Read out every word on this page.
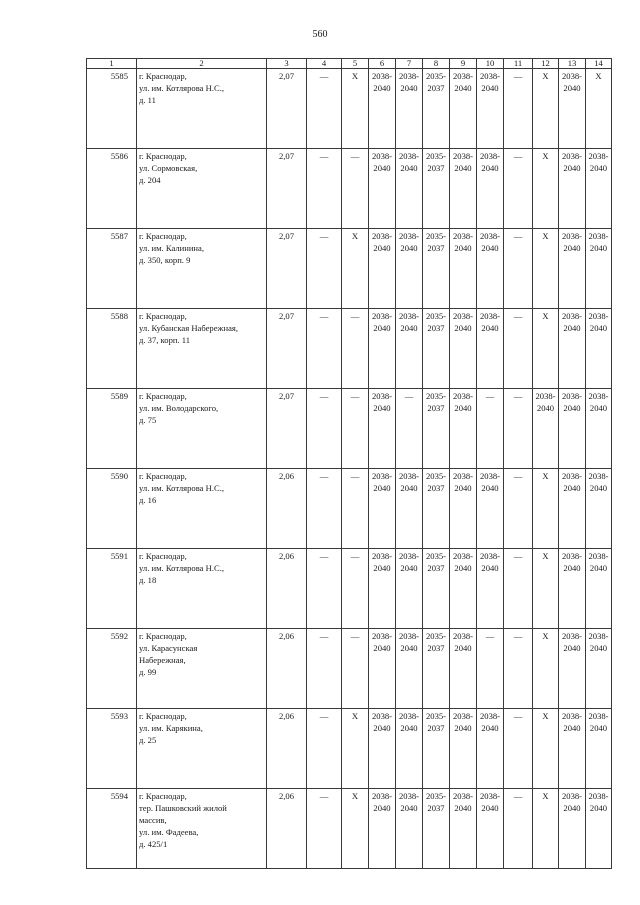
560
1	2	3	4	5	6	7	8	9	10	11	12	13	14
5585	г. Краснодар,
ул. им. Котлярова Н.С.,
д. 11	2,07	—	X	2038-
2040	2038-
2040	2035-
2037	2038-
2040	2038-
2040	—	X	2038-
2040	X
5586	г. Краснодар,
ул. Сормовская,
д. 204	2,07	—	—	2038-
2040	2038-
2040	2035-
2037	2038-
2040	2038-
2040	—	X	2038-
2040	2038-
2040

5587	г. Краснодар,
ул. им. Калинина,
д. 350, корп. 9	2,07	—	X	2038-
2040	2038-
2040	2035-
2037	2038-
2040	2038-
2040	—	X	2038-
2040	2038-
2040

5588	г. Краснодар,
ул. Кубанская Набережная,
д. 37, корп. 11	2,07	—	—	2038-
2040	2038-
2040	2035-
2037	2038-
2040	2038-
2040	—	X	2038-
2040	2038-
2040

5589	г. Краснодар,
ул. им. Володарского,
д. 75	2,07	—	—	2038-
2040	—	2035-
2037	2038-
2040	—	—	2038-
2040	2038-
2040	2038-
2040

5590	г. Краснодар,
ул. им. Котлярова Н.С.,
д. 16	2,06	—	—	2038-
2040	2038-
2040	2035-
2037	2038-
2040	2038-
2040	—	X	2038-
2040	2038-
2040

5591	г. Краснодар,
ул. им. Котлярова Н.С.,
д. 18	2,06	—	—	2038-
2040	2038-
2040	2035-
2037	2038-
2040	2038-
2040	—	X	2038-
2040	2038-
2040

5592	г. Краснодар,
ул. Карасунская
Набережная,
д. 99	2,06	—	—	2038-
2040	2038-
2040	2035-
2037	2038-
2040	—	—	X	2038-
2040	2038-
2040

5593	г. Краснодар,
ул. им. Карякина,
д. 25	2,06	—	X	2038-
2040	2038-
2040	2035-
2037	2038-
2040	2038-
2040	—	X	2038-
2040	2038-
2040

5594	г. Краснодар,
тер. Пашковский жилой
массив,
ул. им. Фадеева,
д. 425/1	2,06	—	X	2038-
2040	2038-
2040	2035-
2037	2038-
2040	2038-
2040	—	X	2038-
2040	2038-
2040
